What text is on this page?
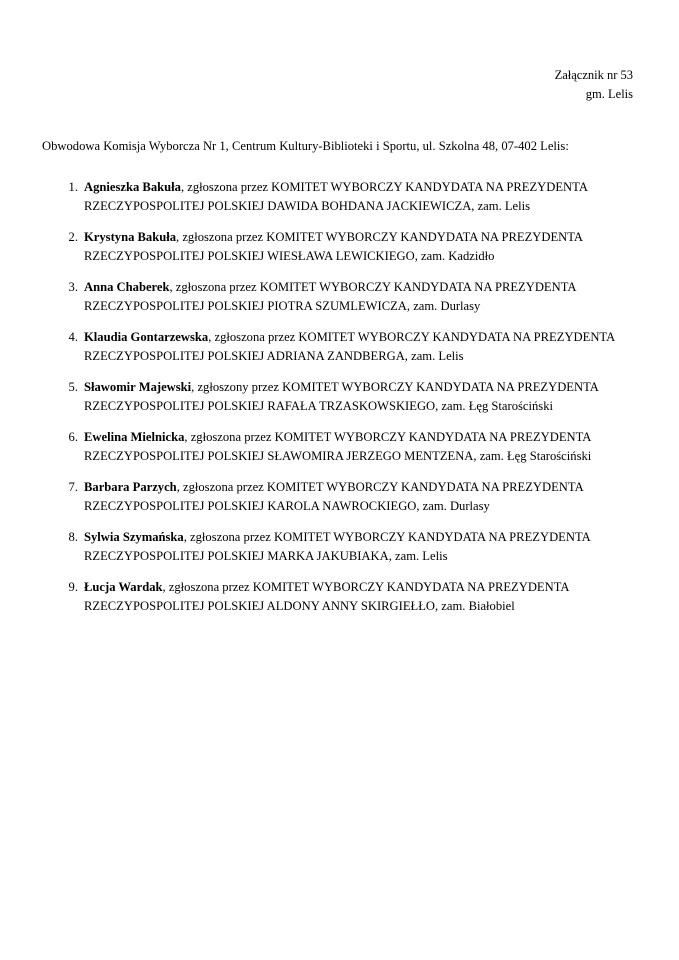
Załącznik nr 53
gm. Lelis
Obwodowa Komisja Wyborcza Nr 1, Centrum Kultury-Biblioteki i Sportu, ul. Szkolna 48, 07-402 Lelis:
Agnieszka Bakuła, zgłoszona przez KOMITET WYBORCZY KANDYDATA NA PREZYDENTA RZECZYPOSPOLITEJ POLSKIEJ DAWIDA BOHDANA JACKIEWICZA, zam. Lelis
Krystyna Bakuła, zgłoszona przez KOMITET WYBORCZY KANDYDATA NA PREZYDENTA RZECZYPOSPOLITEJ POLSKIEJ WIESŁAWA LEWICKIEGO, zam. Kadzidło
Anna Chaberek, zgłoszona przez KOMITET WYBORCZY KANDYDATA NA PREZYDENTA RZECZYPOSPOLITEJ POLSKIEJ PIOTRA SZUMLEWICZA, zam. Durlasy
Klaudia Gontarzewska, zgłoszona przez KOMITET WYBORCZY KANDYDATA NA PREZYDENTA RZECZYPOSPOLITEJ POLSKIEJ ADRIANA ZANDBERGA, zam. Lelis
Sławomir Majewski, zgłoszony przez KOMITET WYBORCZY KANDYDATA NA PREZYDENTA RZECZYPOSPOLITEJ POLSKIEJ RAFAŁA TRZASKOWSKIEGO, zam. Łęg Starościński
Ewelina Mielnicka, zgłoszona przez KOMITET WYBORCZY KANDYDATA NA PREZYDENTA RZECZYPOSPOLITEJ POLSKIEJ SŁAWOMIRA JERZEGO MENTZENA, zam. Łęg Starościński
Barbara Parzych, zgłoszona przez KOMITET WYBORCZY KANDYDATA NA PREZYDENTA RZECZYPOSPOLITEJ POLSKIEJ KAROLA NAWROCKIEGO, zam. Durlasy
Sylwia Szymańska, zgłoszona przez KOMITET WYBORCZY KANDYDATA NA PREZYDENTA RZECZYPOSPOLITEJ POLSKIEJ MARKA JAKUBIAKA, zam. Lelis
Łucja Wardak, zgłoszona przez KOMITET WYBORCZY KANDYDATA NA PREZYDENTA RZECZYPOSPOLITEJ POLSKIEJ ALDONY ANNY SKIRGIEŁŁO, zam. Białobiel
